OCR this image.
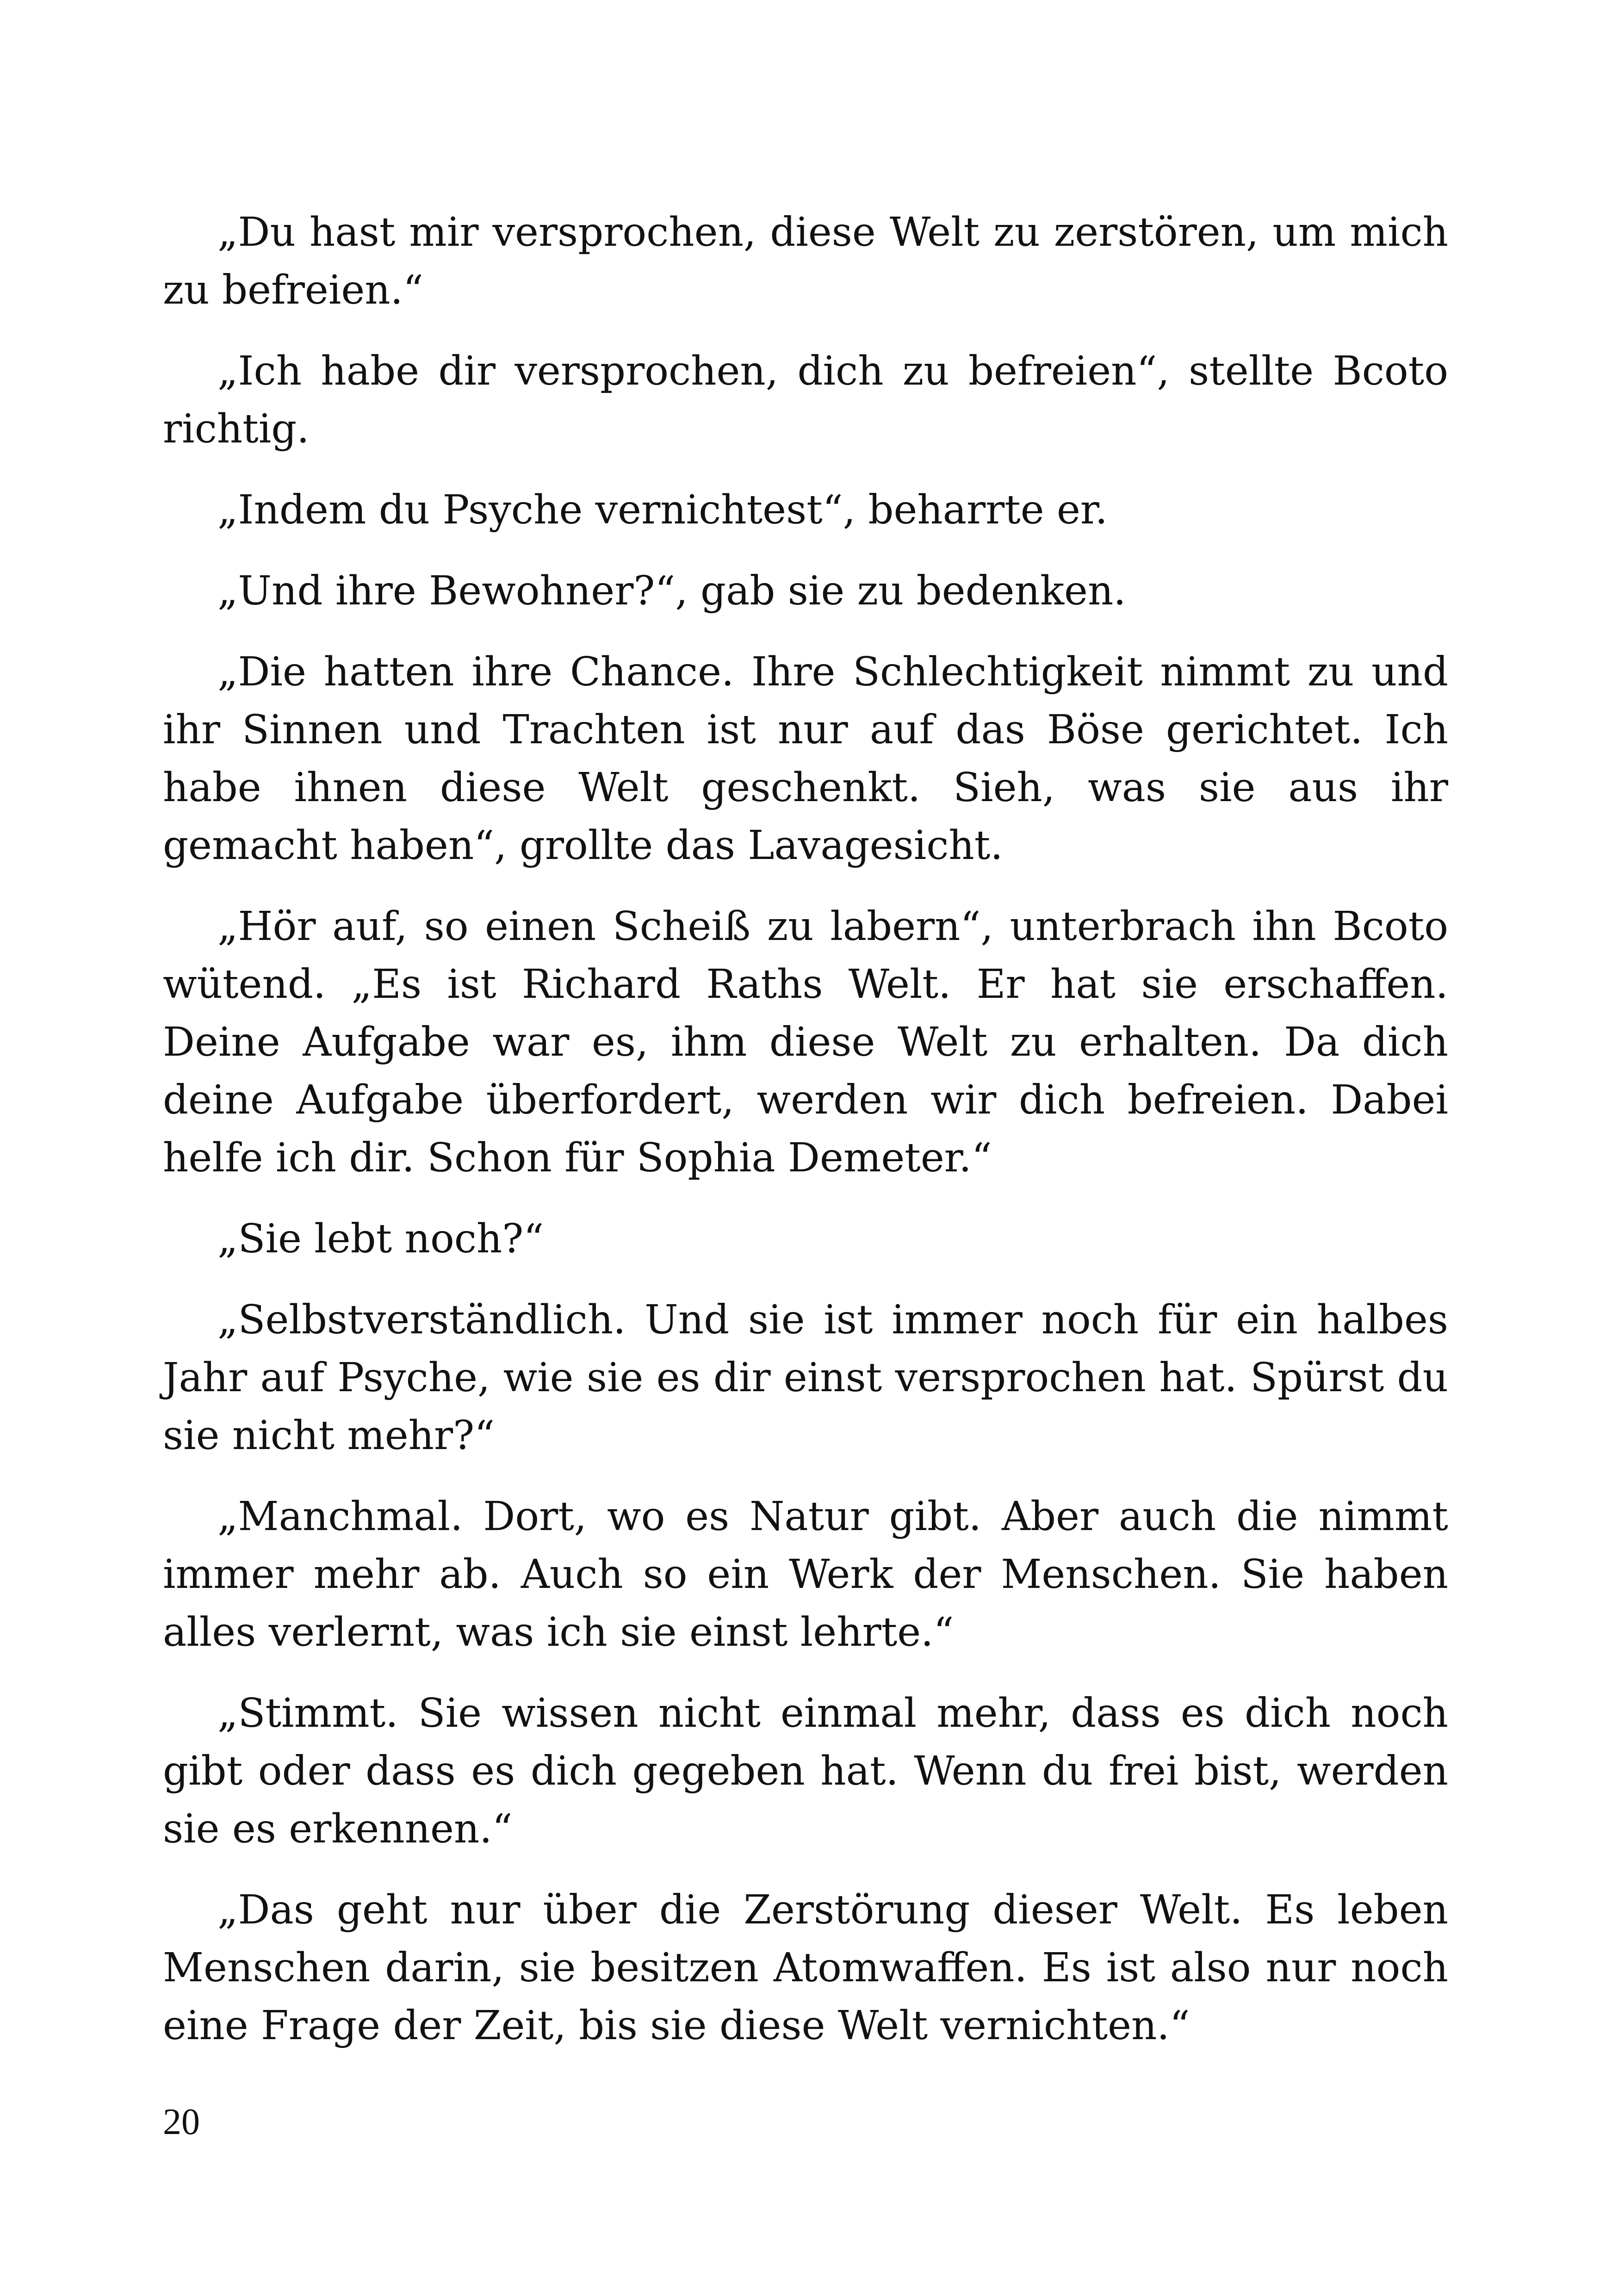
„Du hast mir versprochen, diese Welt zu zerstören, um mich zu befreien.“

„Ich habe dir versprochen, dich zu befreien“, stellte Bcoto richtig.

„Indem du Psyche vernichtest“, beharrte er.

„Und ihre Bewohner?“, gab sie zu bedenken.

„Die hatten ihre Chance. Ihre Schlechtigkeit nimmt zu und ihr Sinnen und Trachten ist nur auf das Böse gerichtet. Ich habe ihnen diese Welt geschenkt. Sieh, was sie aus ihr gemacht haben“, grollte das Lavagesicht.

„Hör auf, so einen Scheiß zu labern“, unterbrach ihn Bcoto wütend. „Es ist Richard Raths Welt. Er hat sie erschaffen. Deine Aufgabe war es, ihm diese Welt zu erhalten. Da dich deine Aufgabe überfordert, werden wir dich befreien. Dabei helfe ich dir. Schon für Sophia Demeter.“

„Sie lebt noch?“

„Selbstverständlich. Und sie ist immer noch für ein halbes Jahr auf Psyche, wie sie es dir einst versprochen hat. Spürst du sie nicht mehr?“

„Manchmal. Dort, wo es Natur gibt. Aber auch die nimmt immer mehr ab. Auch so ein Werk der Menschen. Sie haben alles verlernt, was ich sie einst lehrte.“

„Stimmt. Sie wissen nicht einmal mehr, dass es dich noch gibt oder dass es dich gegeben hat. Wenn du frei bist, werden sie es erkennen.“

„Das geht nur über die Zerstörung dieser Welt. Es leben Menschen darin, sie besitzen Atomwaffen. Es ist also nur noch eine Frage der Zeit, bis sie diese Welt vernichten.“

20
